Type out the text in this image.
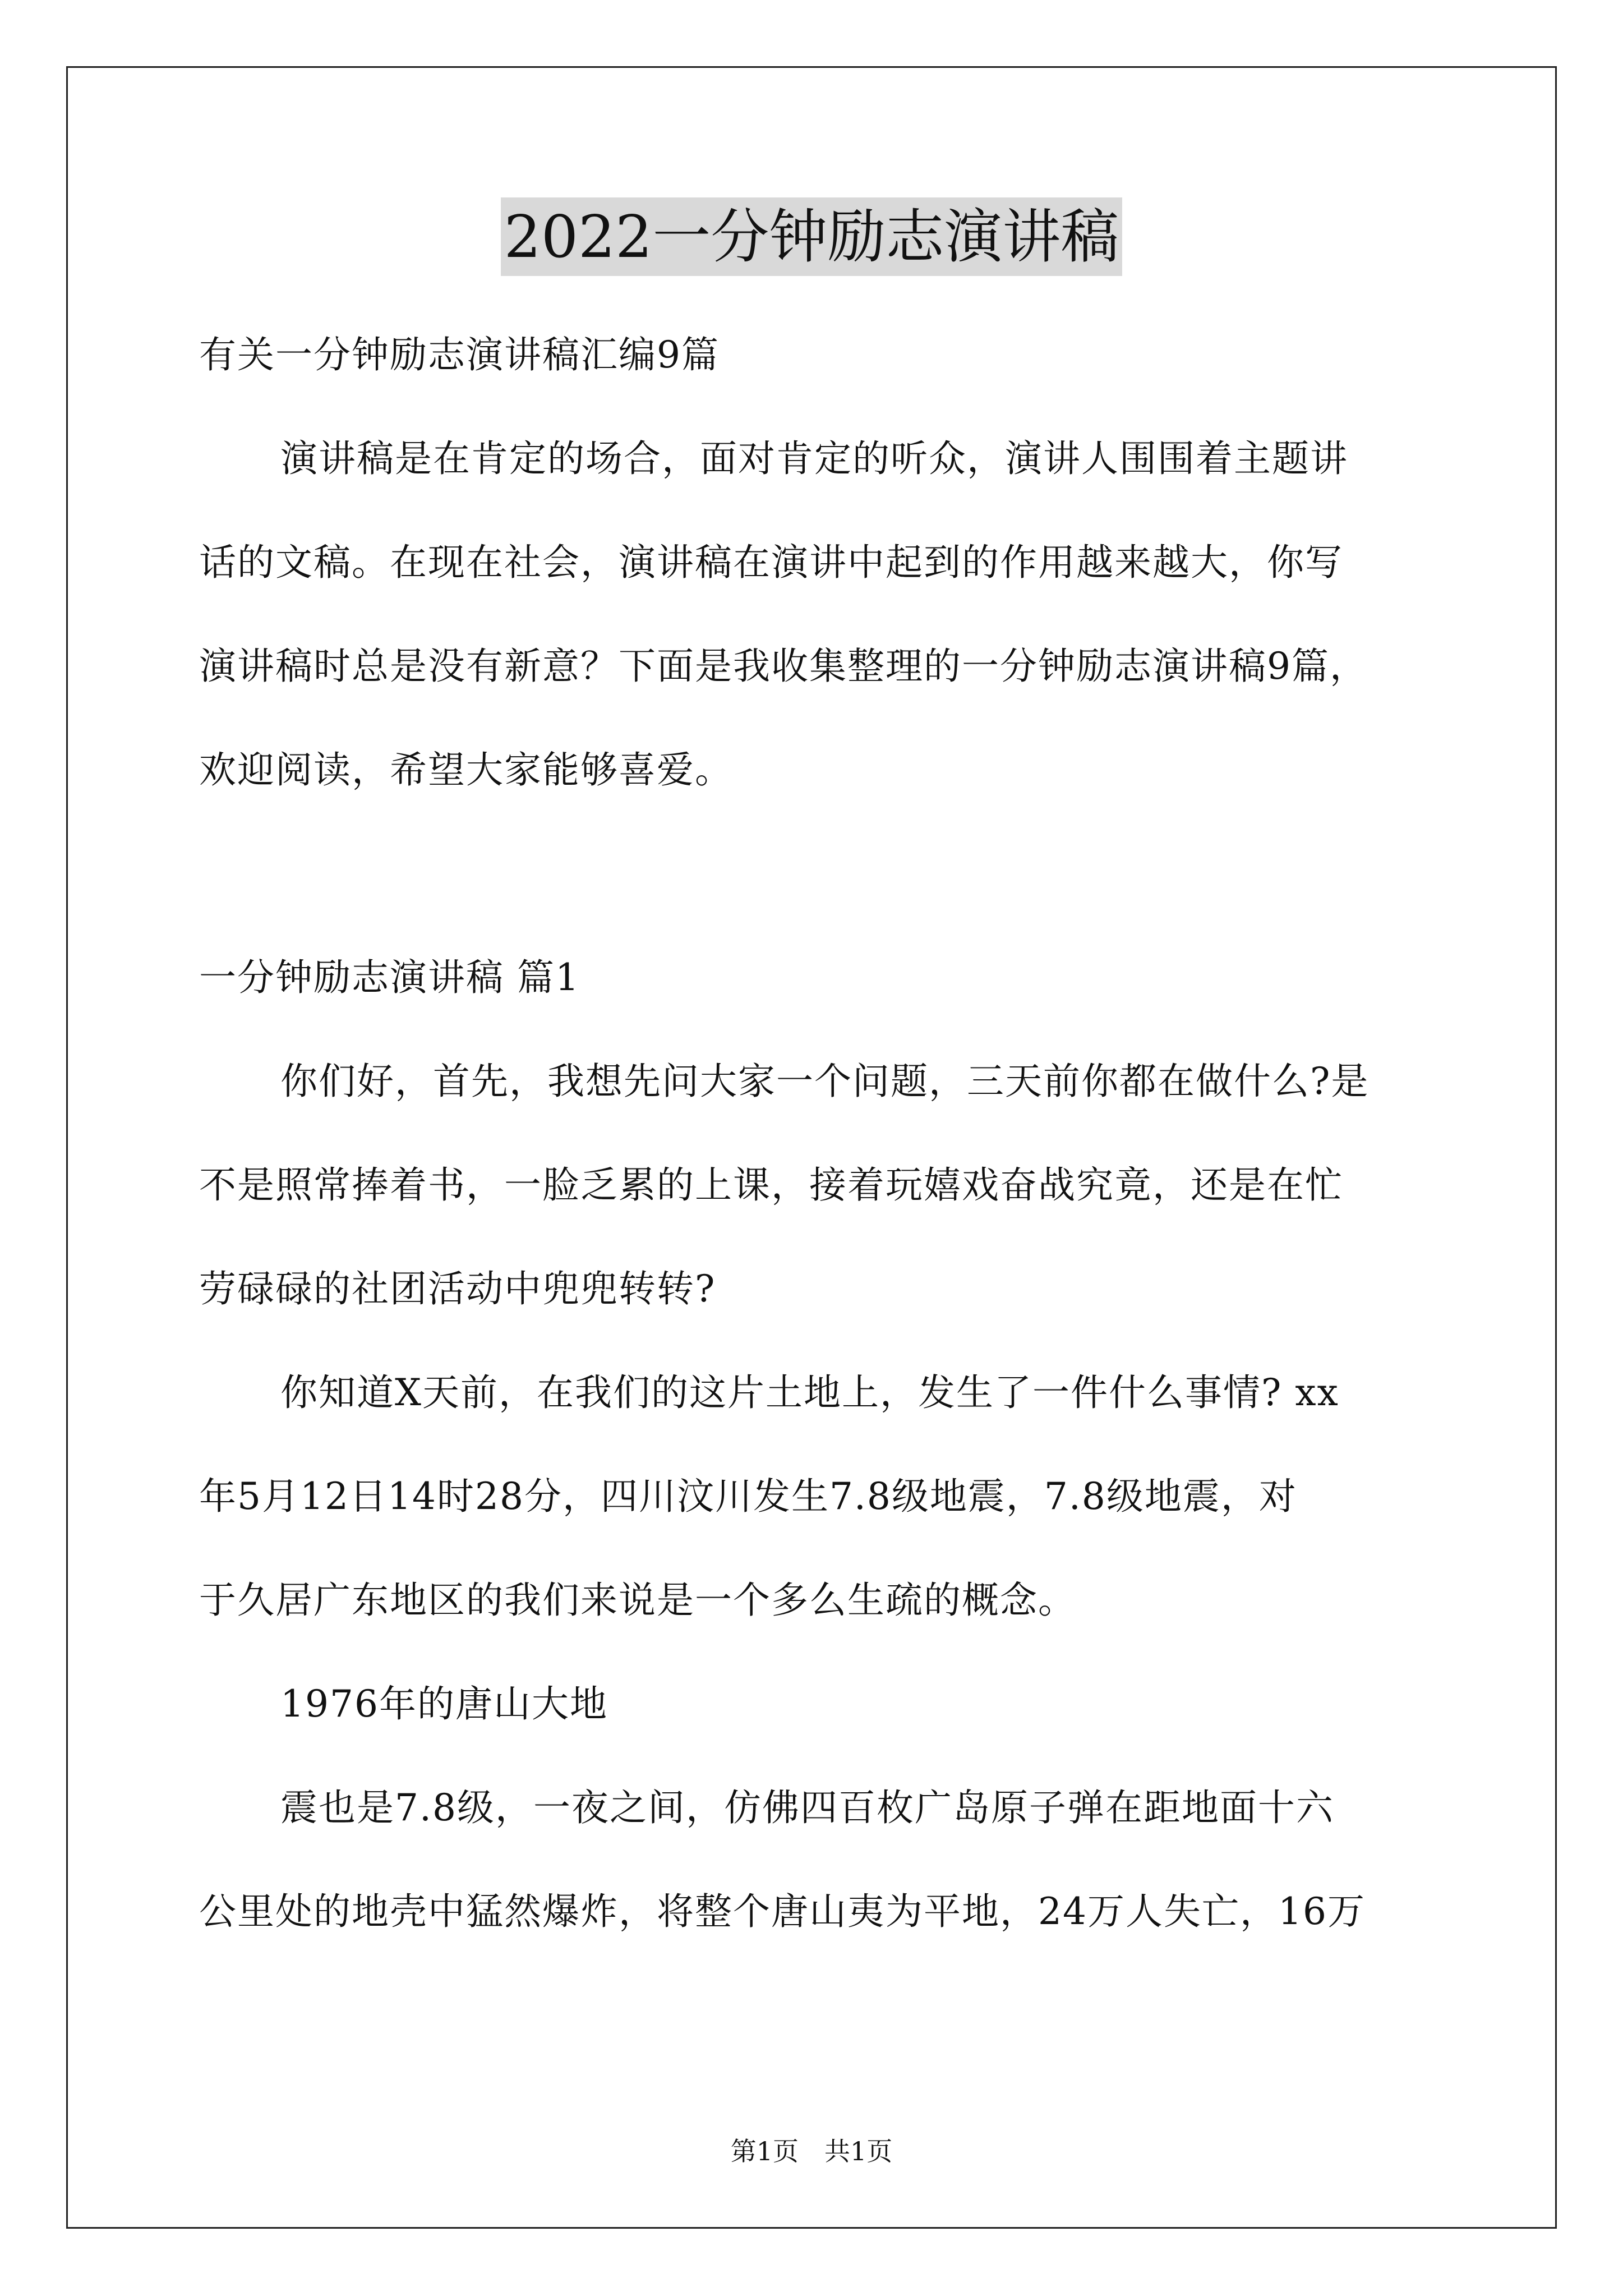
2022一分钟励志演讲稿
有关一分钟励志演讲稿汇编9篇
演讲稿是在肯定的场合，面对肯定的听众，演讲人围围着主题讲
话的文稿。在现在社会，演讲稿在演讲中起到的作用越来越大，你写
演讲稿时总是没有新意？下面是我收集整理的一分钟励志演讲稿9篇，
欢迎阅读，希望大家能够喜爱。
一分钟励志演讲稿 篇1
你们好，首先，我想先问大家一个问题，三天前你都在做什么?是
不是照常捧着书，一脸乏累的上课，接着玩嬉戏奋战究竟，还是在忙
劳碌碌的社团活动中兜兜转转?
你知道X天前，在我们的这片土地上，发生了一件什么事情? xx
年5月12日14时28分，四川汶川发生7.8级地震，7.8级地震，对
于久居广东地区的我们来说是一个多么生疏的概念。
1976年的唐山大地
震也是7.8级，一夜之间，仿佛四百枚广岛原子弹在距地面十六
公里处的地壳中猛然爆炸，将整个唐山夷为平地，24万人失亡，16万
第1页　共1页
